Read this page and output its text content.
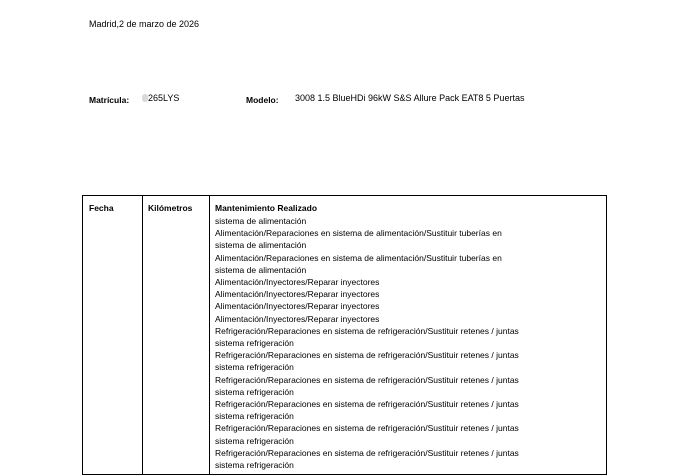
Madrid,2 de marzo de 2026
Matrícula:	265LYS	Modelo: 3008 1.5 BlueHDi 96kW S&S Allure Pack EAT8 5 Puertas
Fecha	Kilómetros	Mantenimiento Realizado
sistema de alimentación
Alimentación/Reparaciones en sistema de alimentación/Sustituir tuberías en
sistema de alimentación
Alimentación/Reparaciones en sistema de alimentación/Sustituir tuberías en
sistema de alimentación
Alimentación/Inyectores/Reparar inyectores
Alimentación/Inyectores/Reparar inyectores
Alimentación/Inyectores/Reparar inyectores
Alimentación/Inyectores/Reparar inyectores
Refrigeración/Reparaciones en sistema de refrigeración/Sustituir retenes / juntas
sistema refrigeración
Refrigeración/Reparaciones en sistema de refrigeración/Sustituir retenes / juntas
sistema refrigeración
Refrigeración/Reparaciones en sistema de refrigeración/Sustituir retenes / juntas
sistema refrigeración
Refrigeración/Reparaciones en sistema de refrigeración/Sustituir retenes / juntas
sistema refrigeración
Refrigeración/Reparaciones en sistema de refrigeración/Sustituir retenes / juntas
sistema refrigeración
Refrigeración/Reparaciones en sistema de refrigeración/Sustituir retenes / juntas
sistema refrigeración
